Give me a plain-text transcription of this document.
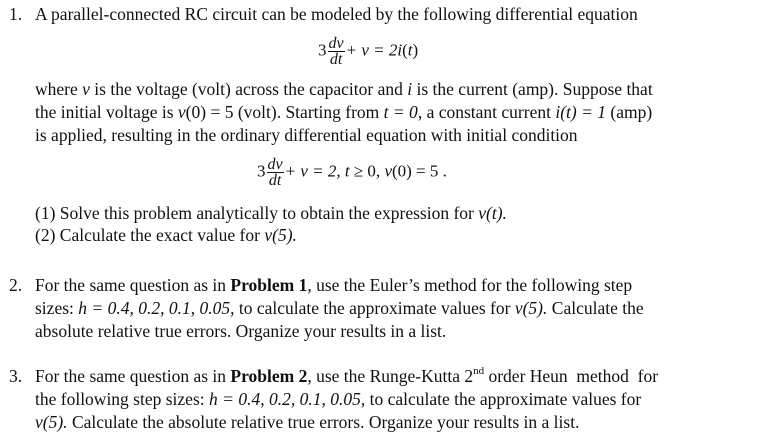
1. A parallel-connected RC circuit can be modeled by the following differential equation
$3 \frac{dv}{dt} + v = 2i(t)$
where v is the voltage (volt) across the capacitor and i is the current (amp). Suppose that
the initial voltage is v(0) = 5 (volt). Starting from t = 0, a constant current i(t) = 1 (amp)
is applied, resulting in the ordinary differential equation with initial condition
$3 \frac{dv}{dt} + v = 2$, t ≥ 0, v(0) = 5 .
(1) Solve this problem analytically to obtain the expression for v(t).
(2) Calculate the exact value for v(5).
2. For the same question as in Problem 1, use the Euler’s method for the following step
sizes: h = 0.4, 0.2, 0.1, 0.05, to calculate the approximate values for v(5). Calculate the
absolute relative true errors. Organize your results in a list.
3. For the same question as in Problem 2, use the Runge-Kutta 2nd order Heun  method  for
the following step sizes: h = 0.4, 0.2, 0.1, 0.05, to calculate the approximate values for
v(5). Calculate the absolute relative true errors. Organize your results in a list.
